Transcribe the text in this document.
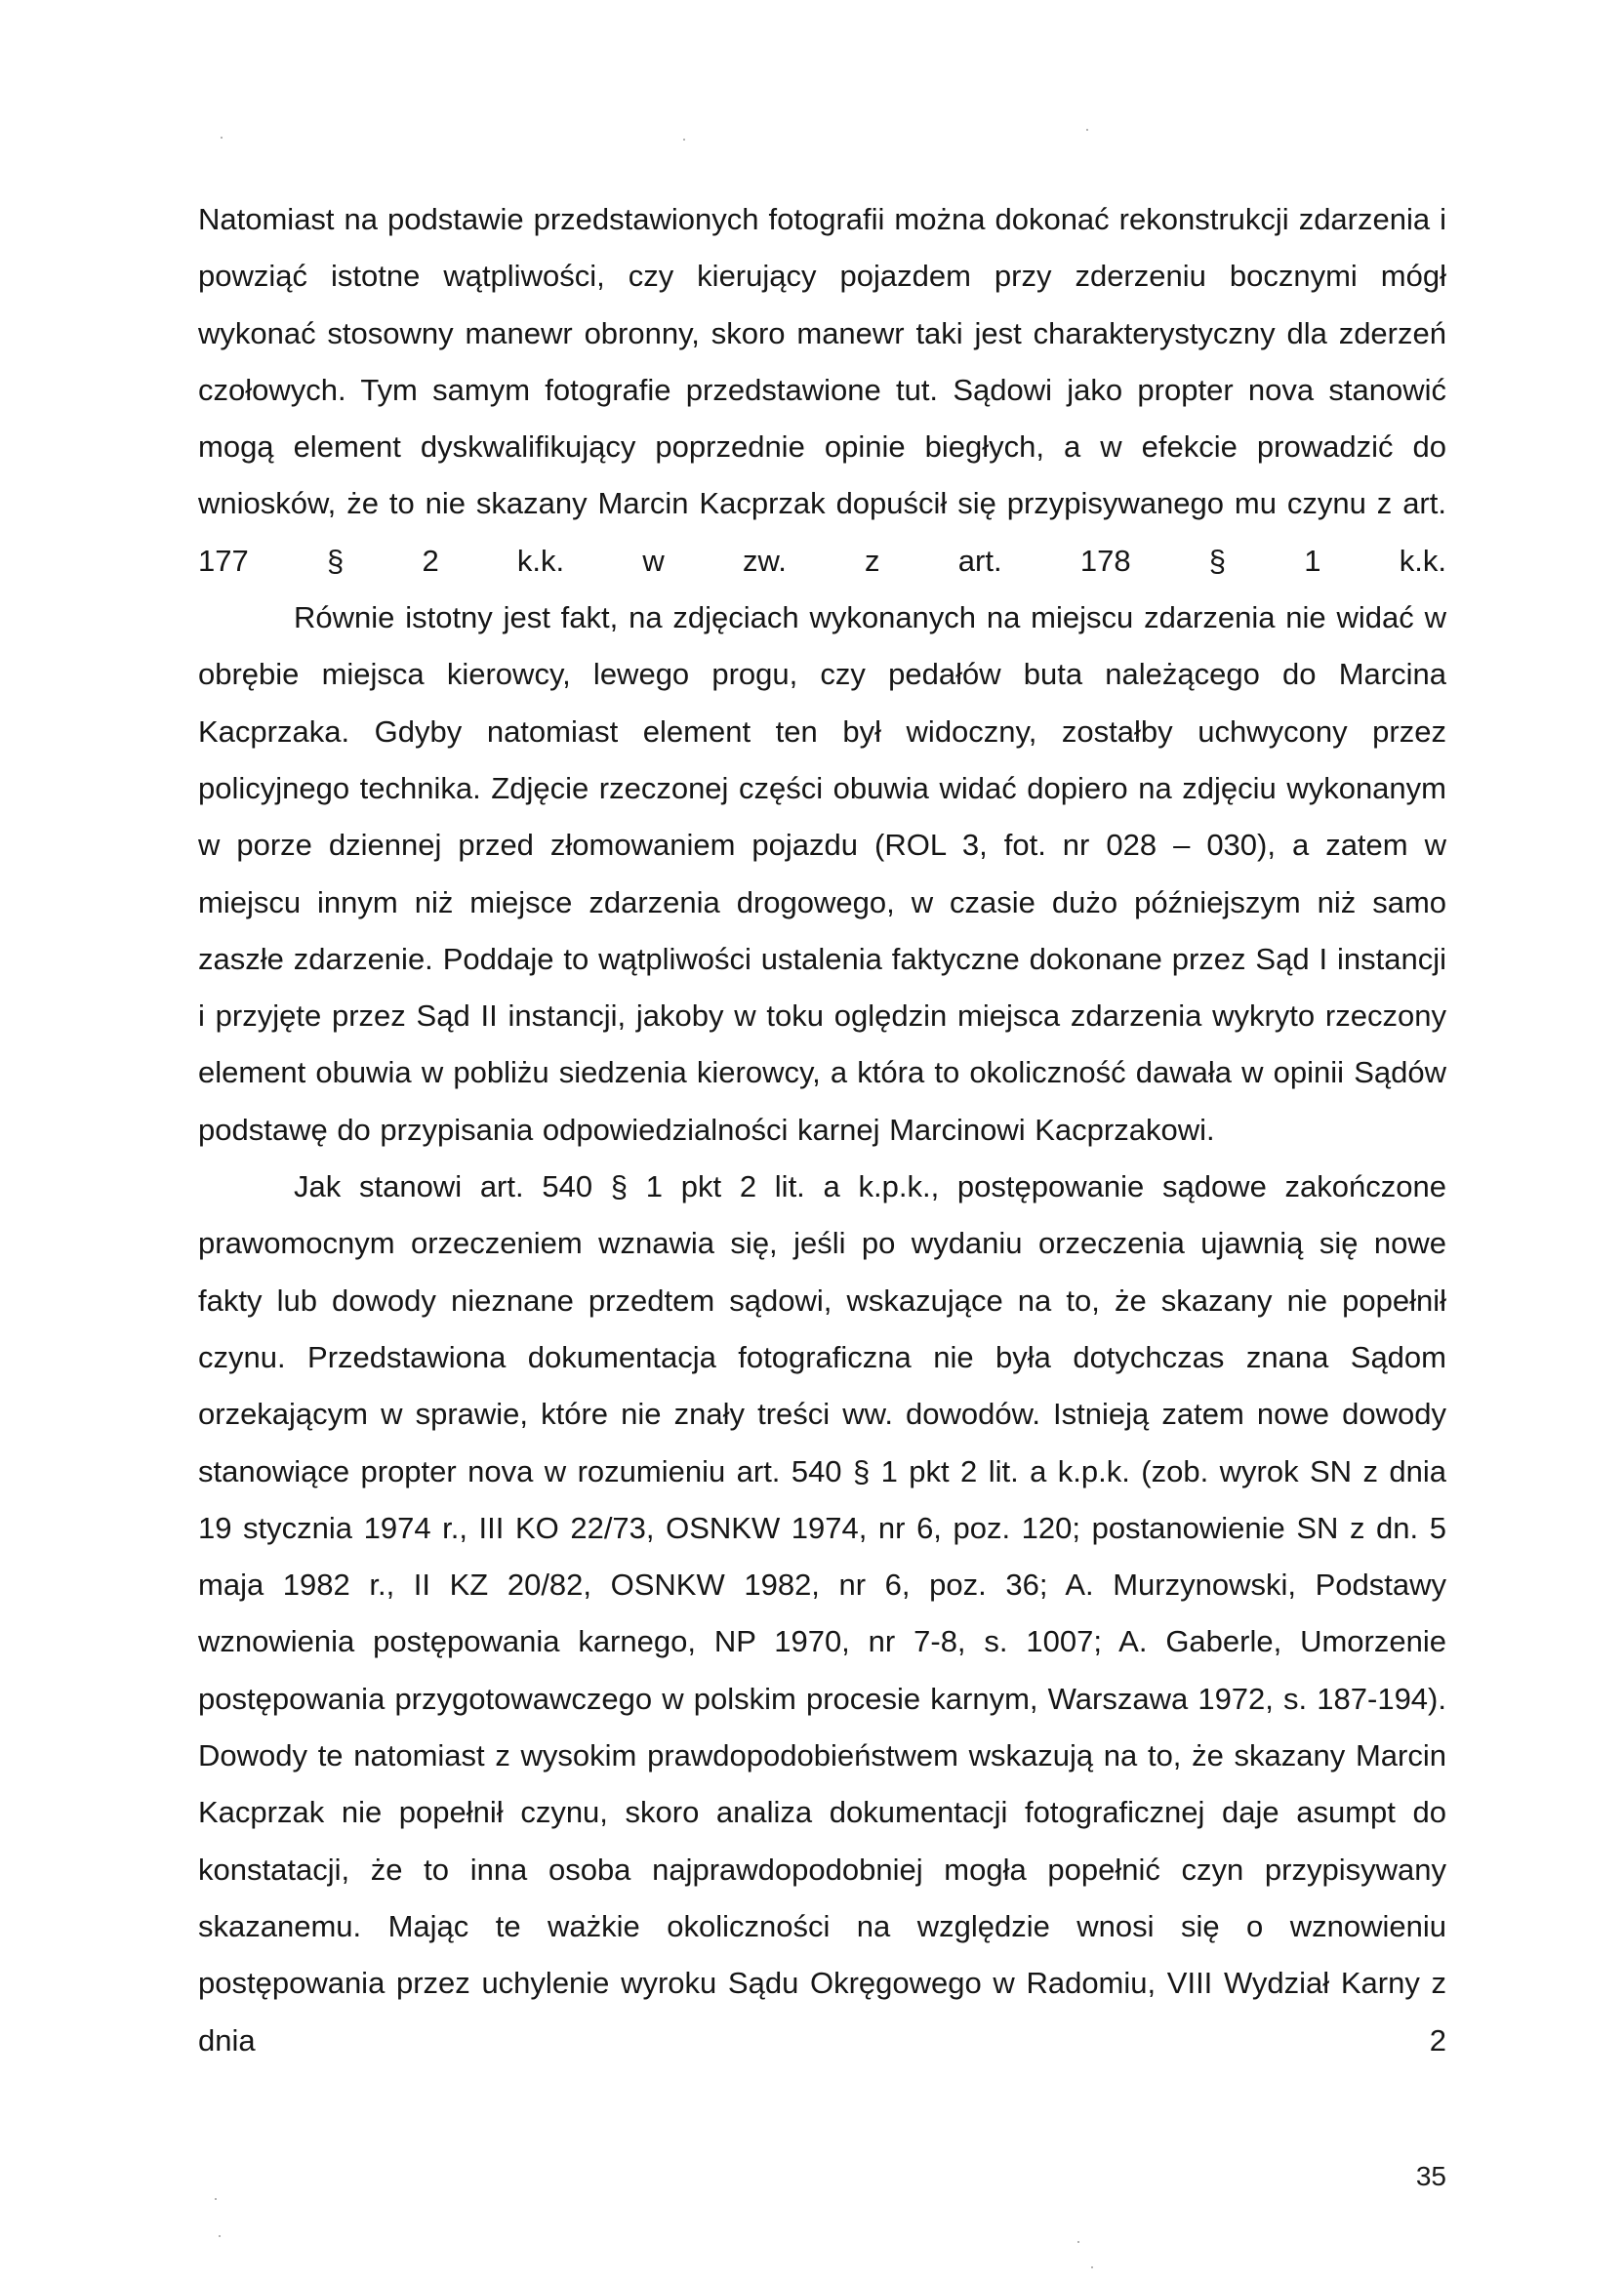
Natomiast na podstawie przedstawionych fotografii można dokonać rekonstrukcji zdarzenia i powziąć istotne wątpliwości, czy kierujący pojazdem przy zderzeniu bocznymi mógł wykonać stosowny manewr obronny, skoro manewr taki jest charakterystyczny dla zderzeń czołowych. Tym samym fotografie przedstawione tut. Sądowi jako propter nova stanowić mogą element dyskwalifikujący poprzednie opinie biegłych, a w efekcie prowadzić do wniosków, że to nie skazany Marcin Kacprzak dopuścił się przypisywanego mu czynu z art. 177 § 2 k.k. w zw. z art. 178 § 1 k.k.

Równie istotny jest fakt, na zdjęciach wykonanych na miejscu zdarzenia nie widać w obrębie miejsca kierowcy, lewego progu, czy pedałów buta należącego do Marcina Kacprzaka. Gdyby natomiast element ten był widoczny, zostałby uchwycony przez policyjnego technika. Zdjęcie rzeczonej części obuwia widać dopiero na zdjęciu wykonanym w porze dziennej przed złomowaniem pojazdu (ROL 3, fot. nr 028 – 030), a zatem w miejscu innym niż miejsce zdarzenia drogowego, w czasie dużo późniejszym niż samo zaszłe zdarzenie. Poddaje to wątpliwości ustalenia faktyczne dokonane przez Sąd I instancji i przyjęte przez Sąd II instancji, jakoby w toku oględzin miejsca zdarzenia wykryto rzeczony element obuwia w pobliżu siedzenia kierowcy, a która to okoliczność dawała w opinii Sądów podstawę do przypisania odpowiedzialności karnej Marcinowi Kacprzakowi.

Jak stanowi art. 540 § 1 pkt 2 lit. a k.p.k., postępowanie sądowe zakończone prawomocnym orzeczeniem wznawia się, jeśli po wydaniu orzeczenia ujawnią się nowe fakty lub dowody nieznane przedtem sądowi, wskazujące na to, że skazany nie popełnił czynu. Przedstawiona dokumentacja fotograficzna nie była dotychczas znana Sądom orzekającym w sprawie, które nie znały treści ww. dowodów. Istnieją zatem nowe dowody stanowiące propter nova w rozumieniu art. 540 § 1 pkt 2 lit. a k.p.k. (zob. wyrok SN z dnia 19 stycznia 1974 r., III KO 22/73, OSNKW 1974, nr 6, poz. 120; postanowienie SN z dn. 5 maja 1982 r., II KZ 20/82, OSNKW 1982, nr 6, poz. 36; A. Murzynowski, Podstawy wznowienia postępowania karnego, NP 1970, nr 7-8, s. 1007; A. Gaberle, Umorzenie postępowania przygotowawczego w polskim procesie karnym, Warszawa 1972, s. 187-194). Dowody te natomiast z wysokim prawdopodobieństwem wskazują na to, że skazany Marcin Kacprzak nie popełnił czynu, skoro analiza dokumentacji fotograficznej daje asumpt do konstatacji, że to inna osoba najprawdopodobniej mogła popełnić czyn przypisywany skazanemu. Mając te ważkie okoliczności na względzie wnosi się o wznowieniu postępowania przez uchylenie wyroku Sądu Okręgowego w Radomiu, VIII Wydział Karny z dnia 2

35
